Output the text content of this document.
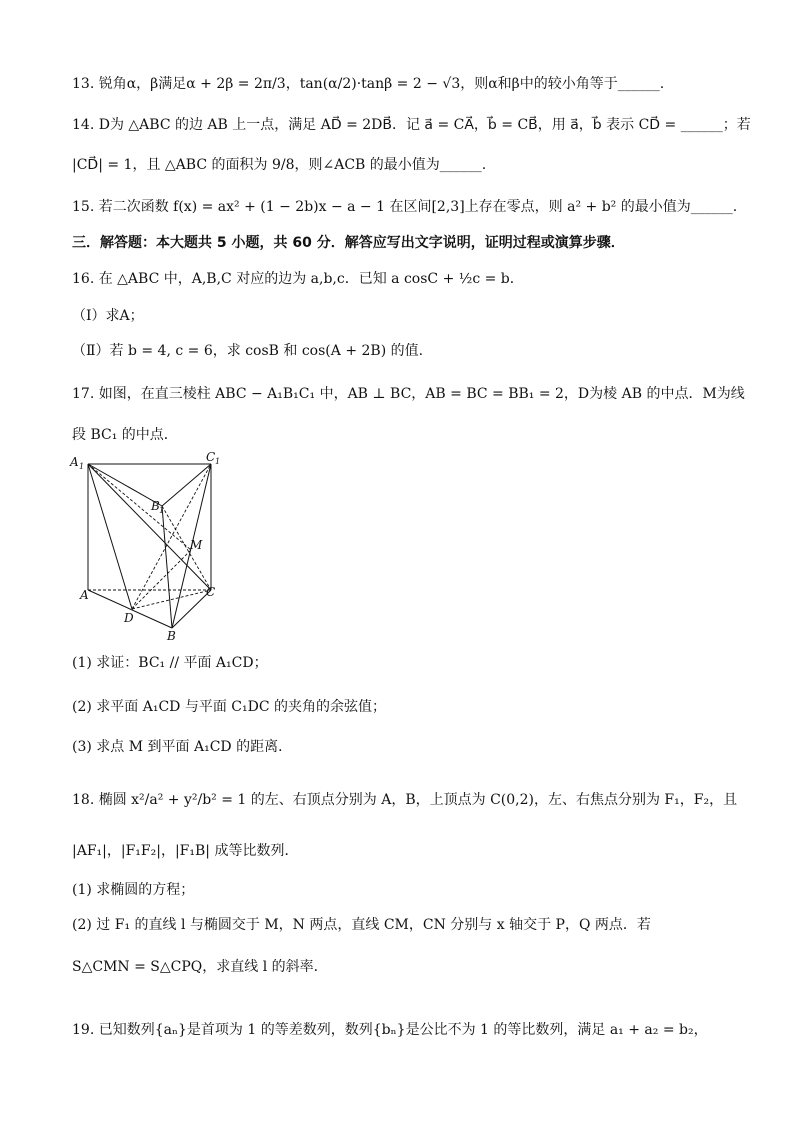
13. 锐角α，β满足α + 2β = 2π/3，tan(α/2)·tanβ = 2 − √3，则α和β中的较小角等于______.
14. D为 △ABC 的边 AB 上一点，满足 AD⃗ = 2DB⃗．记 a⃗ = CA⃗，b⃗ = CB⃗，用 a⃗，b⃗ 表示 CD⃗ = ______；若
|CD⃗| = 1，且 △ABC 的面积为 9/8，则∠ACB 的最小值为______.
15. 若二次函数 f(x) = ax² + (1 − 2b)x − a − 1 在区间[2,3]上存在零点，则 a² + b² 的最小值为______.
三．解答题：本大题共 5 小题，共 60 分．解答应写出文字说明，证明过程或演算步骤．
16. 在 △ABC 中，A,B,C 对应的边为 a,b,c．已知 a cosC + ½c = b．
（Ⅰ）求A；
（Ⅱ）若 b = 4, c = 6，求 cosB 和 cos(A + 2B) 的值.
17. 如图，在直三棱柱 ABC − A₁B₁C₁ 中，AB ⊥ BC，AB = BC = BB₁ = 2，D为棱 AB 的中点．M为线
段 BC₁ 的中点．
A 1
C 1
B 1
M
A	C
D
B
(1) 求证：BC₁ // 平面 A₁CD；
(2) 求平面 A₁CD 与平面 C₁DC 的夹角的余弦值；
(3) 求点 M 到平面 A₁CD 的距离．
18. 椭圆 x²/a² + y²/b² = 1 的左、右顶点分别为 A，B，上顶点为 C(0,2)，左、右焦点分别为 F₁，F₂，且
|AF₁|，|F₁F₂|，|F₁B| 成等比数列．
(1) 求椭圆的方程；
(2) 过 F₁ 的直线 l 与椭圆交于 M，N 两点，直线 CM，CN 分别与 x 轴交于 P，Q 两点．若
S△CMN = S△CPQ，求直线 l 的斜率．
19. 已知数列{aₙ}是首项为 1 的等差数列，数列{bₙ}是公比不为 1 的等比数列，满足 a₁ + a₂ = b₂，
